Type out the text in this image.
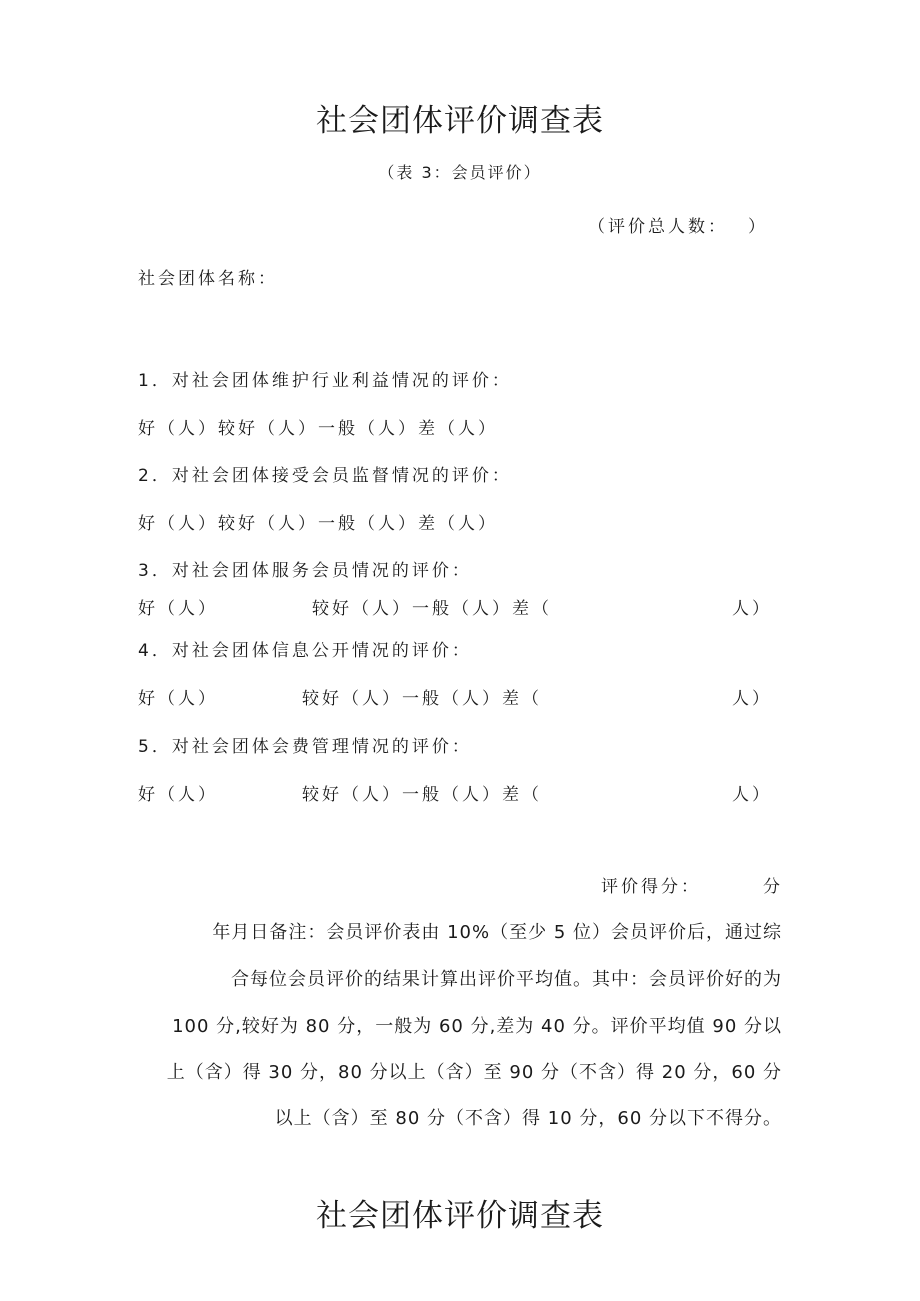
社会团体评价调查表
（表 3：会员评价）
（评价总人数： ）
社会团体名称：
1．对社会团体维护行业利益情况的评价：
好（人）较好（人）一般（人）差（人）
2．对社会团体接受会员监督情况的评价：
好（人）较好（人）一般（人）差（人）
3．对社会团体服务会员情况的评价：
好（人）	较好（人）一般（人）差（	人）
4．对社会团体信息公开情况的评价：
好（人）	较好（人）一般（人）差（	人）
5．对社会团体会费管理情况的评价：
好（人）	较好（人）一般（人）差（	人）
评价得分：	分
年月日备注：会员评价表由 10%（至少 5 位）会员评价后，通过综
合每位会员评价的结果计算出评价平均值。其中：会员评价好的为
100 分,较好为 80 分，一般为 60 分,差为 40 分。评价平均值 90 分以
上（含）得 30 分，80 分以上（含）至 90 分（不含）得 20 分，60 分
以上（含）至 80 分（不含）得 10 分，60 分以下不得分。
社会团体评价调查表
